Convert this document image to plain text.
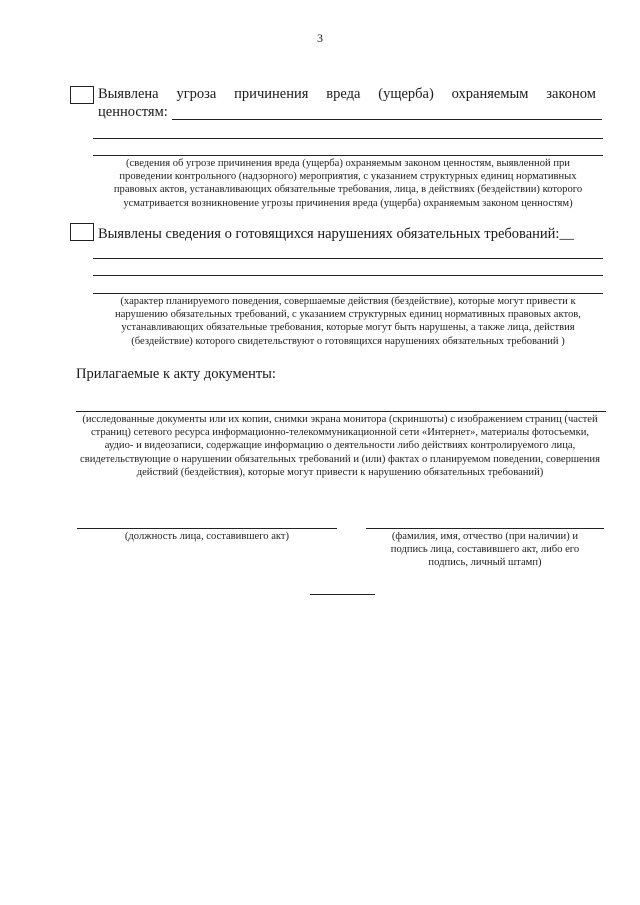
3
Выявлена угроза причинения вреда (ущерба) охраняемым законом
ценностям:
(сведения об угрозе причинения вреда (ущерба) охраняемым законом ценностям, выявленной при
проведении контрольного (надзорного) мероприятия, с указанием структурных единиц нормативных
правовых актов, устанавливающих обязательные требования, лица, в действиях (бездействии) которого
усматривается возникновение угрозы причинения вреда (ущерба) охраняемым законом ценностям)
Выявлены сведения о готовящихся нарушениях обязательных требований:__
(характер планируемого поведения, совершаемые действия (бездействие), которые могут привести к
нарушению обязательных требований, с указанием структурных единиц нормативных правовых актов,
устанавливающих обязательные требования, которые могут быть нарушены, а также лица, действия
(бездействие) которого свидетельствуют о готовящихся нарушениях обязательных требований )
Прилагаемые к акту документы:
(исследованные документы или их копии, снимки экрана монитора (скриншоты) с изображением страниц (частей
страниц) сетевого ресурса информационно-телекоммуникационной сети «Интернет», материалы фотосъемки,
аудио- и видеозаписи, содержащие информацию о деятельности либо действиях контролируемого лица,
свидетельствующие о нарушении обязательных требований и (или) фактах о планируемом поведении, совершения
действий (бездействия), которые могут привести к нарушению обязательных требований)
(должность лица, составившего акт)	(фамилия, имя, отчество (при наличии) и
подпись лица, составившего акт, либо его
подпись, личный штамп)
